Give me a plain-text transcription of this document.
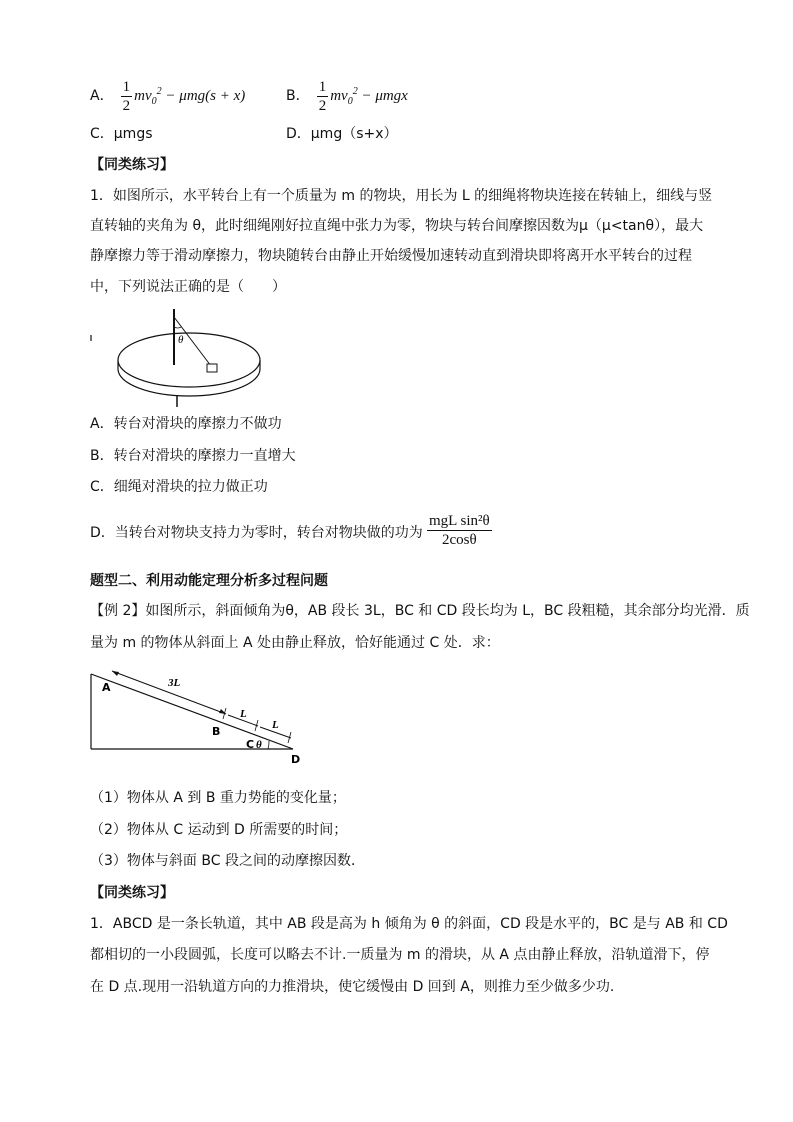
A． $\frac{1}{2} mv_0^2 - \mu mg(s + x)$	B． $\frac{1}{2} mv_0^2 - \mu mgx$
C．μmgs	D．μmg（s+x）
【同类练习】
1．如图所示，水平转台上有一个质量为 m 的物块，用长为 L 的细绳将物块连接在转轴上，细线与竖
直转轴的夹角为 θ，此时细绳刚好拉直绳中张力为零，物块与转台间摩擦因数为μ（μ<tanθ），最大
静摩擦力等于滑动摩擦力，物块随转台由静止开始缓慢加速转动直到滑块即将离开水平转台的过程
中，下列说法正确的是（　　）
θ
A．转台对滑块的摩擦力不做功
B．转台对滑块的摩擦力一直增大
C．细绳对滑块的拉力做正功
D．当转台对物块支持力为零时，转台对物块做的功为 $\frac{\text{mgL sin²θ}}{2\cos\theta}$
题型二、利用动能定理分析多过程问题
【例 2】如图所示，斜面倾角为θ，AB 段长 3L，BC 和 CD 段长均为 L，BC 段粗糙，其余部分均光滑．质
量为 m 的物体从斜面上 A 处由静止释放，恰好能通过 C 处．求：
A	3L
B
L
L
C θ
D
（1）物体从 A 到 B 重力势能的变化量；
（2）物体从 C 运动到 D 所需要的时间；
（3）物体与斜面 BC 段之间的动摩擦因数．
【同类练习】
1．ABCD 是一条长轨道，其中 AB 段是高为 h 倾角为 θ 的斜面，CD 段是水平的，BC 是与 AB 和 CD
都相切的一小段圆弧，长度可以略去不计.一质量为 m 的滑块，从 A 点由静止释放，沿轨道滑下，停
在 D 点.现用一沿轨道方向的力推滑块，使它缓慢由 D 回到 A，则推力至少做多少功.
